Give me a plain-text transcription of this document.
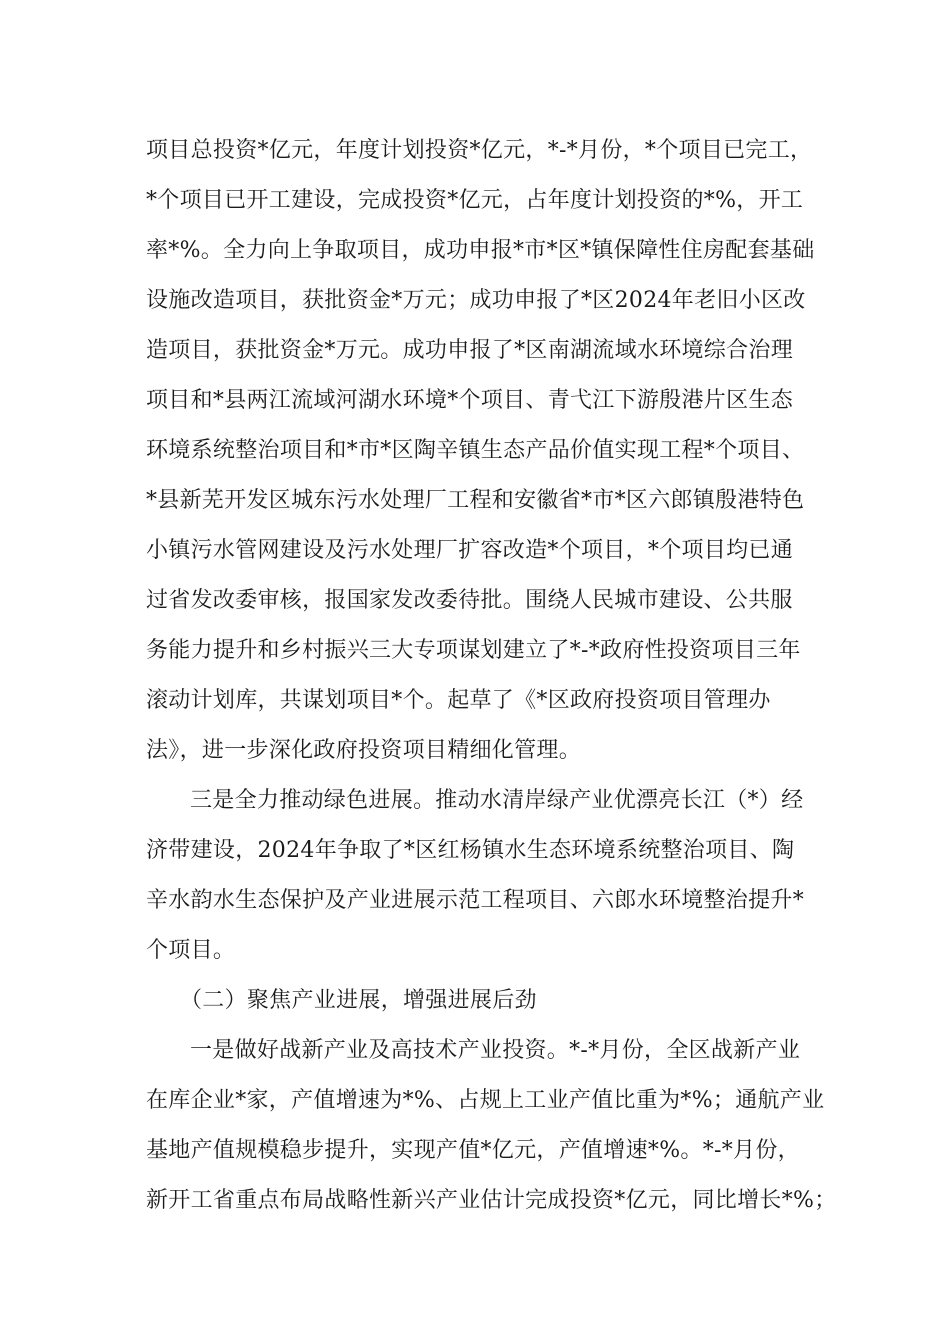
项目总投资*亿元，年度计划投资*亿元，*-*月份，*个项目已完工，
*个项目已开工建设，完成投资*亿元，占年度计划投资的*%，开工
率*%。全力向上争取项目，成功申报*市*区*镇保障性住房配套基础
设施改造项目，获批资金*万元；成功申报了*区2024年老旧小区改
造项目，获批资金*万元。成功申报了*区南湖流域水环境综合治理
项目和*县两江流域河湖水环境*个项目、青弋江下游殷港片区生态
环境系统整治项目和*市*区陶辛镇生态产品价值实现工程*个项目、
*县新芜开发区城东污水处理厂工程和安徽省*市*区六郎镇殷港特色
小镇污水管网建设及污水处理厂扩容改造*个项目，*个项目均已通
过省发改委审核，报国家发改委待批。围绕人民城市建设、公共服
务能力提升和乡村振兴三大专项谋划建立了*-*政府性投资项目三年
滚动计划库，共谋划项目*个。起草了《*区政府投资项目管理办
法》，进一步深化政府投资项目精细化管理。
三是全力推动绿色进展。推动水清岸绿产业优漂亮长江（*）经
济带建设，2024年争取了*区红杨镇水生态环境系统整治项目、陶
辛水韵水生态保护及产业进展示范工程项目、六郎水环境整治提升*
个项目。
（二）聚焦产业进展，增强进展后劲
一是做好战新产业及高技术产业投资。*-*月份，全区战新产业
在库企业*家，产值增速为*%、占规上工业产值比重为*%；通航产业
基地产值规模稳步提升，实现产值*亿元，产值增速*%。*-*月份，
新开工省重点布局战略性新兴产业估计完成投资*亿元，同比增长*%；
